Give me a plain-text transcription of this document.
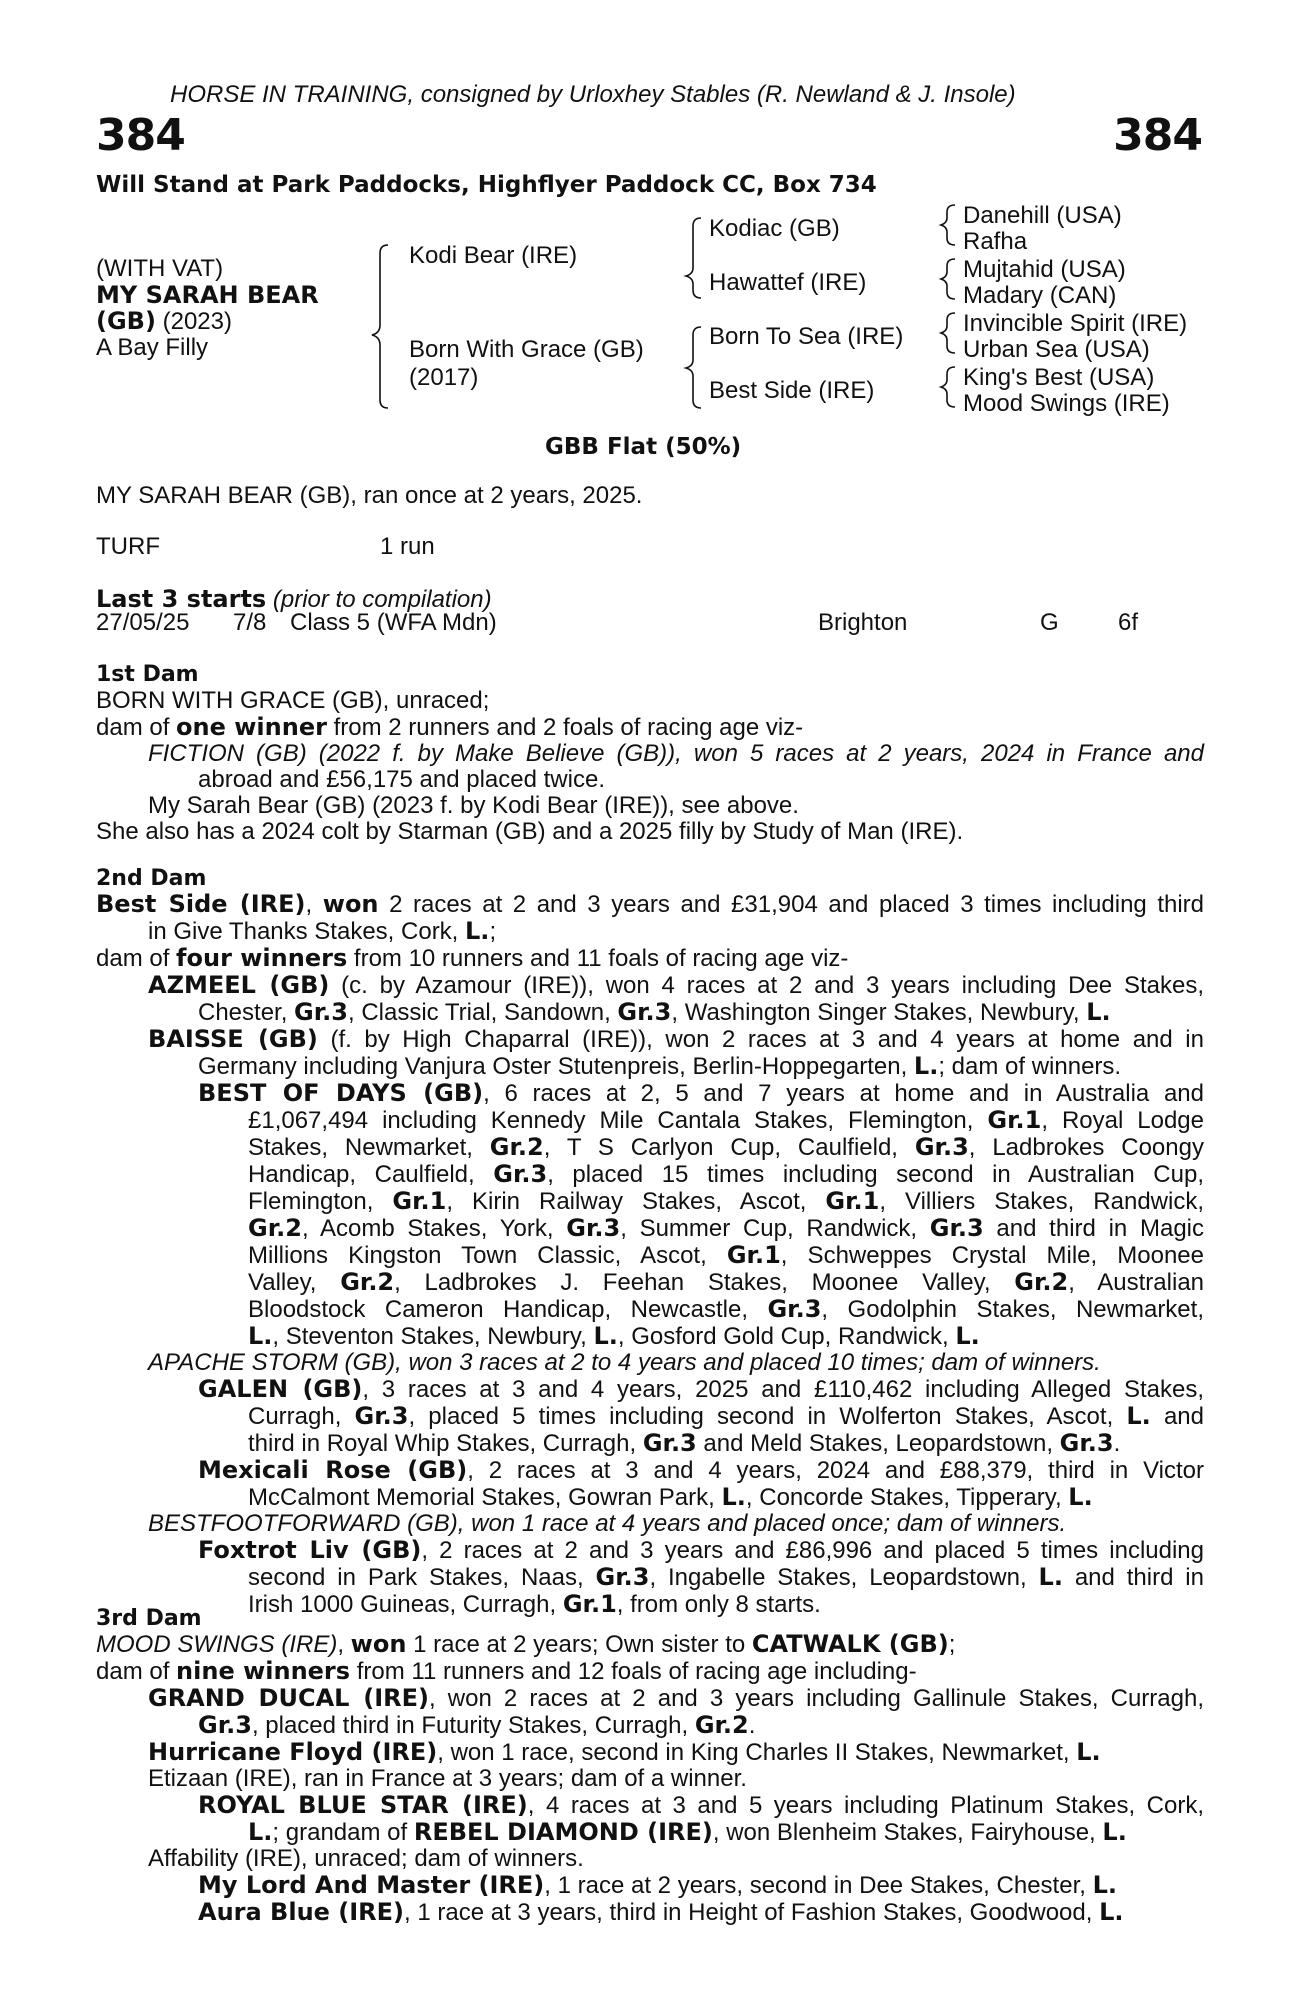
HORSE IN TRAINING, consigned by Urloxhey Stables (R. Newland & J. Insole)
384	384
Will Stand at Park Paddocks, Highflyer Paddock CC, Box 734
(WITH VAT)
MY SARAH BEAR
(GB) (2023)
A Bay Filly
Kodi Bear (IRE)
Born With Grace (GB)
(2017)
Kodiac (GB)
Hawattef (IRE)
Born To Sea (IRE)
Best Side (IRE)
Danehill (USA)
Rafha
Mujtahid (USA)
Madary (CAN)
Invincible Spirit (IRE)
Urban Sea (USA)
King's Best (USA)
Mood Swings (IRE)
GBB Flat (50%)
MY SARAH BEAR (GB), ran once at 2 years, 2025.
TURF	1 run
Last 3 starts (prior to compilation)
27/05/25 7/8 Class 5 (WFA Mdn)	Brighton	G 6f
1st Dam
BORN WITH GRACE (GB), unraced;
dam of one winner from 2 runners and 2 foals of racing age viz-
FICTION (GB) (2022 f. by Make Believe (GB)), won 5 races at 2 years, 2024 in France and
abroad and £56,175 and placed twice.
My Sarah Bear (GB) (2023 f. by Kodi Bear (IRE)), see above.
She also has a 2024 colt by Starman (GB) and a 2025 filly by Study of Man (IRE).
2nd Dam
Best Side (IRE), won 2 races at 2 and 3 years and £31,904 and placed 3 times including third
in Give Thanks Stakes, Cork, L.;
dam of four winners from 10 runners and 11 foals of racing age viz-
AZMEEL (GB) (c. by Azamour (IRE)), won 4 races at 2 and 3 years including Dee Stakes,
Chester, Gr.3, Classic Trial, Sandown, Gr.3, Washington Singer Stakes, Newbury, L.
BAISSE (GB) (f. by High Chaparral (IRE)), won 2 races at 3 and 4 years at home and in
Germany including Vanjura Oster Stutenpreis, Berlin-Hoppegarten, L.; dam of winners.
BEST OF DAYS (GB), 6 races at 2, 5 and 7 years at home and in Australia and
£1,067,494 including Kennedy Mile Cantala Stakes, Flemington, Gr.1, Royal Lodge
Stakes, Newmarket, Gr.2, T S Carlyon Cup, Caulfield, Gr.3, Ladbrokes Coongy
Handicap, Caulfield, Gr.3, placed 15 times including second in Australian Cup,
Flemington, Gr.1, Kirin Railway Stakes, Ascot, Gr.1, Villiers Stakes, Randwick,
Gr.2, Acomb Stakes, York, Gr.3, Summer Cup, Randwick, Gr.3 and third in Magic
Millions Kingston Town Classic, Ascot, Gr.1, Schweppes Crystal Mile, Moonee
Valley, Gr.2, Ladbrokes J. Feehan Stakes, Moonee Valley, Gr.2, Australian
Bloodstock Cameron Handicap, Newcastle, Gr.3, Godolphin Stakes, Newmarket,
L., Steventon Stakes, Newbury, L., Gosford Gold Cup, Randwick, L.
APACHE STORM (GB), won 3 races at 2 to 4 years and placed 10 times; dam of winners.
GALEN (GB), 3 races at 3 and 4 years, 2025 and £110,462 including Alleged Stakes,
Curragh, Gr.3, placed 5 times including second in Wolferton Stakes, Ascot, L. and
third in Royal Whip Stakes, Curragh, Gr.3 and Meld Stakes, Leopardstown, Gr.3.
Mexicali Rose (GB), 2 races at 3 and 4 years, 2024 and £88,379, third in Victor
McCalmont Memorial Stakes, Gowran Park, L., Concorde Stakes, Tipperary, L.
BESTFOOTFORWARD (GB), won 1 race at 4 years and placed once; dam of winners.
Foxtrot Liv (GB), 2 races at 2 and 3 years and £86,996 and placed 5 times including
second in Park Stakes, Naas, Gr.3, Ingabelle Stakes, Leopardstown, L. and third in
Irish 1000 Guineas, Curragh, Gr.1, from only 8 starts.
3rd Dam
MOOD SWINGS (IRE), won 1 race at 2 years; Own sister to CATWALK (GB);
dam of nine winners from 11 runners and 12 foals of racing age including-
GRAND DUCAL (IRE), won 2 races at 2 and 3 years including Gallinule Stakes, Curragh,
Gr.3, placed third in Futurity Stakes, Curragh, Gr.2.
Hurricane Floyd (IRE), won 1 race, second in King Charles II Stakes, Newmarket, L.
Etizaan (IRE), ran in France at 3 years; dam of a winner.
ROYAL BLUE STAR (IRE), 4 races at 3 and 5 years including Platinum Stakes, Cork,
L.; grandam of REBEL DIAMOND (IRE), won Blenheim Stakes, Fairyhouse, L.
Affability (IRE), unraced; dam of winners.
My Lord And Master (IRE), 1 race at 2 years, second in Dee Stakes, Chester, L.
Aura Blue (IRE), 1 race at 3 years, third in Height of Fashion Stakes, Goodwood, L.
